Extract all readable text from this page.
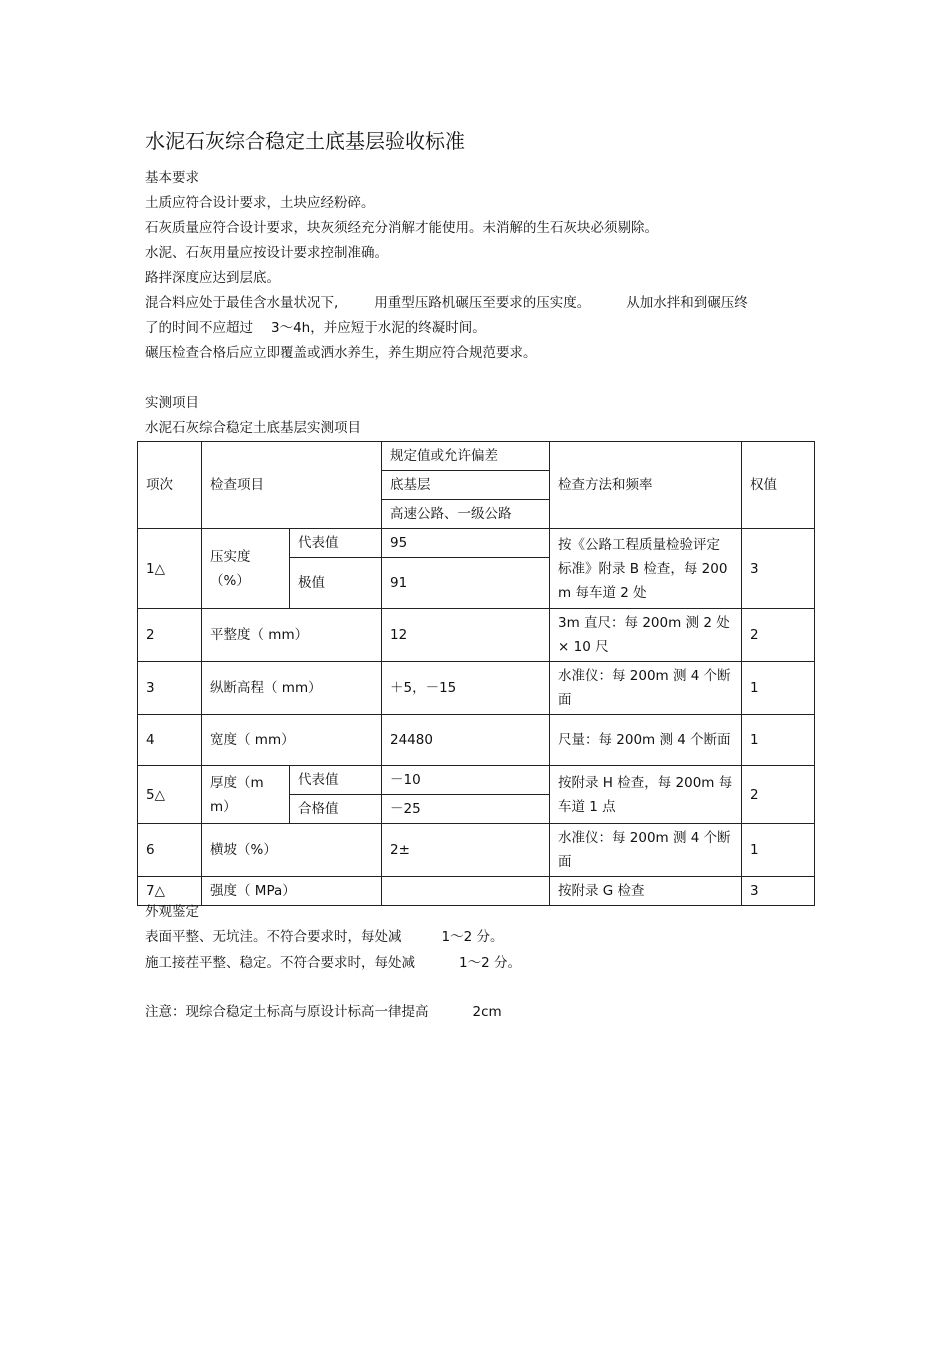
水泥石灰综合稳定土底基层验收标准
基本要求
土质应符合设计要求，土块应经粉碎。
石灰质量应符合设计要求，块灰须经充分消解才能使用。未消解的生石灰块必须剔除。
水泥、石灰用量应按设计要求控制准确。
路拌深度应达到层底。
混合料应处于最佳含水量状况下,	用重型压路机碾压至要求的压实度。	从加水拌和到碾压终
了的时间不应超过 3～4h，并应短于水泥的终凝时间。
碾压检查合格后应立即覆盖或洒水养生，养生期应符合规范要求。
实测项目
水泥石灰综合稳定土底基层实测项目
项次	检查项目		规定值或允许偏差	检查方法和频率	权值
			底基层		
			高速公路、一级公路		
1△	压实度（%）	代表值	95	按《公路工程质量检验评定标准》附录 B 检查，每 200m 每车道 2 处	3
		极值	91		
2	平整度（ mm）		12	3m 直尺：每 200m 测 2 处× 10 尺	2
3	纵断高程（ mm）		＋5，－15	水准仪：每 200m 测 4 个断面	1
4	宽度（ mm）		24480	尺量：每 200m 测 4 个断面	1
5△	厚度（mm）	代表值	－10	按附录 H 检查，每 200m 每车道 1 点	2
		合格值	－25		
6	横坡（%）		2±	水准仪：每 200m 测 4 个断面	1
7△	强度（ MPa）			按附录 G 检查	3
外观鉴定
表面平整、无坑洼。不符合要求时，每处减	1～2 分。
施工接茬平整、稳定。不符合要求时，每处减	1～2 分。
注意：现综合稳定土标高与原设计标高一律提高	2cm
